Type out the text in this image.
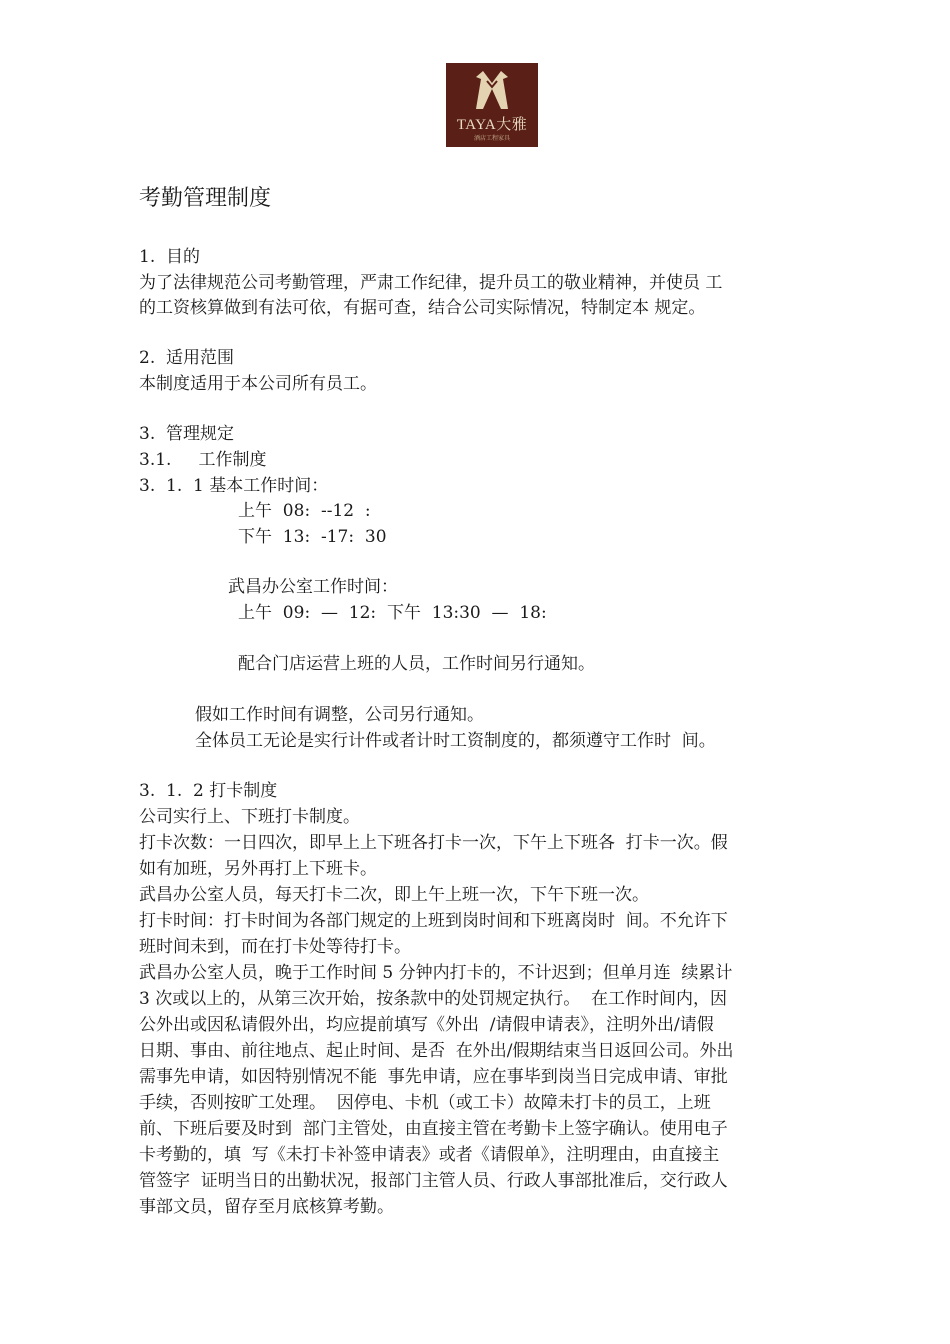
TAYA大雅
酒店工程家具
考勤管理制度
1.  目的
为了法律规范公司考勤管理，严肃工作纪律，提升员工的敬业精神，并使员 工
的工资核算做到有法可依，有据可查，结合公司实际情况，特制定本 规定。
2.  适用范围
本制度适用于本公司所有员工。
3.  管理规定
3.1.     工作制度
3.  1.  1 基本工作时间：
上午  08:  --12  :
下午  13:  -17:  30
武昌办公室工作时间：
上午  09:  —  12:  下午  13:30  —  18:
配合门店运营上班的人员，工作时间另行通知。
假如工作时间有调整，公司另行通知。
全体员工无论是实行计件或者计时工资制度的，都须遵守工作时  间。
3.  1.  2 打卡制度
公司实行上、下班打卡制度。
打卡次数：一日四次，即早上上下班各打卡一次，下午上下班各  打卡一次。假
如有加班，另外再打上下班卡。
武昌办公室人员，每天打卡二次，即上午上班一次，下午下班一次。
打卡时间：打卡时间为各部门规定的上班到岗时间和下班离岗时  间。不允许下
班时间未到，而在打卡处等待打卡。
武昌办公室人员，晚于工作时间 5 分钟内打卡的，不计迟到；但单月连  续累计
3 次或以上的，从第三次开始，按条款中的处罚规定执行。  在工作时间内，因
公外出或因私请假外出，均应提前填写《外出  /请假申请表》，注明外出/请假
日期、事由、前往地点、起止时间、是否  在外出/假期结束当日返回公司。外出
需事先申请，如因特别情况不能  事先申请，应在事毕到岗当日完成申请、审批
手续，否则按旷工处理。  因停电、卡机（或工卡）故障未打卡的员工，上班
前、下班后要及时到  部门主管处，由直接主管在考勤卡上签字确认。使用电子
卡考勤的，填  写《未打卡补签申请表》或者《请假单》，注明理由，由直接主
管签字  证明当日的出勤状况，报部门主管人员、行政人事部批准后，交行政人
事部文员，留存至月底核算考勤。
